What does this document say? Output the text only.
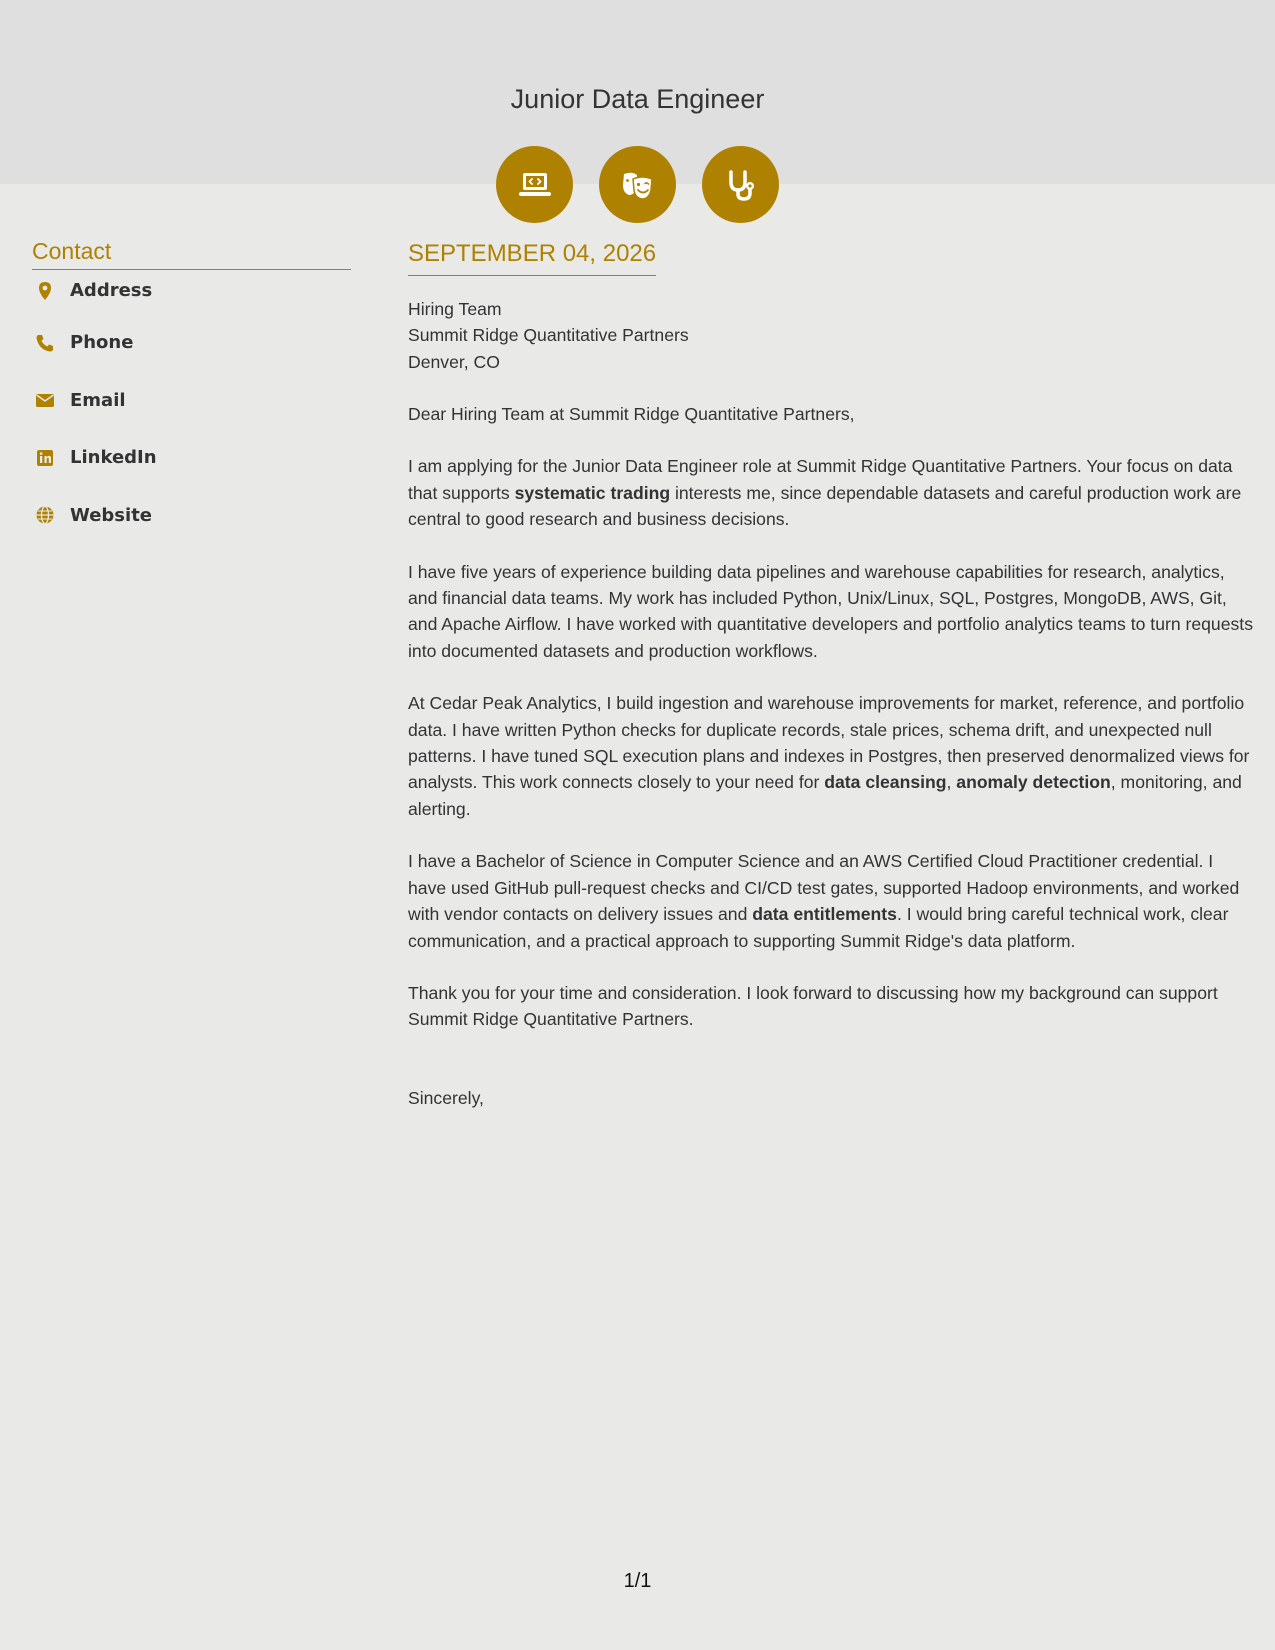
Junior Data Engineer
Contact
Address
Phone
Email
LinkedIn
Website
SEPTEMBER 04, 2026
Hiring Team
Summit Ridge Quantitative Partners
Denver, CO

Dear Hiring Team at Summit Ridge Quantitative Partners,

I am applying for the Junior Data Engineer role at Summit Ridge Quantitative Partners. Your focus on data that supports systematic trading interests me, since dependable datasets and careful production work are central to good research and business decisions.

I have five years of experience building data pipelines and warehouse capabilities for research, analytics, and financial data teams. My work has included Python, Unix/Linux, SQL, Postgres, MongoDB, AWS, Git, and Apache Airflow. I have worked with quantitative developers and portfolio analytics teams to turn requests into documented datasets and production workflows.

At Cedar Peak Analytics, I build ingestion and warehouse improvements for market, reference, and portfolio data. I have written Python checks for duplicate records, stale prices, schema drift, and unexpected null patterns. I have tuned SQL execution plans and indexes in Postgres, then preserved denormalized views for analysts. This work connects closely to your need for data cleansing, anomaly detection, monitoring, and alerting.

I have a Bachelor of Science in Computer Science and an AWS Certified Cloud Practitioner credential. I have used GitHub pull-request checks and CI/CD test gates, supported Hadoop environments, and worked with vendor contacts on delivery issues and data entitlements. I would bring careful technical work, clear communication, and a practical approach to supporting Summit Ridge's data platform.

Thank you for your time and consideration. I look forward to discussing how my background can support Summit Ridge Quantitative Partners.

Sincerely,

1/1
